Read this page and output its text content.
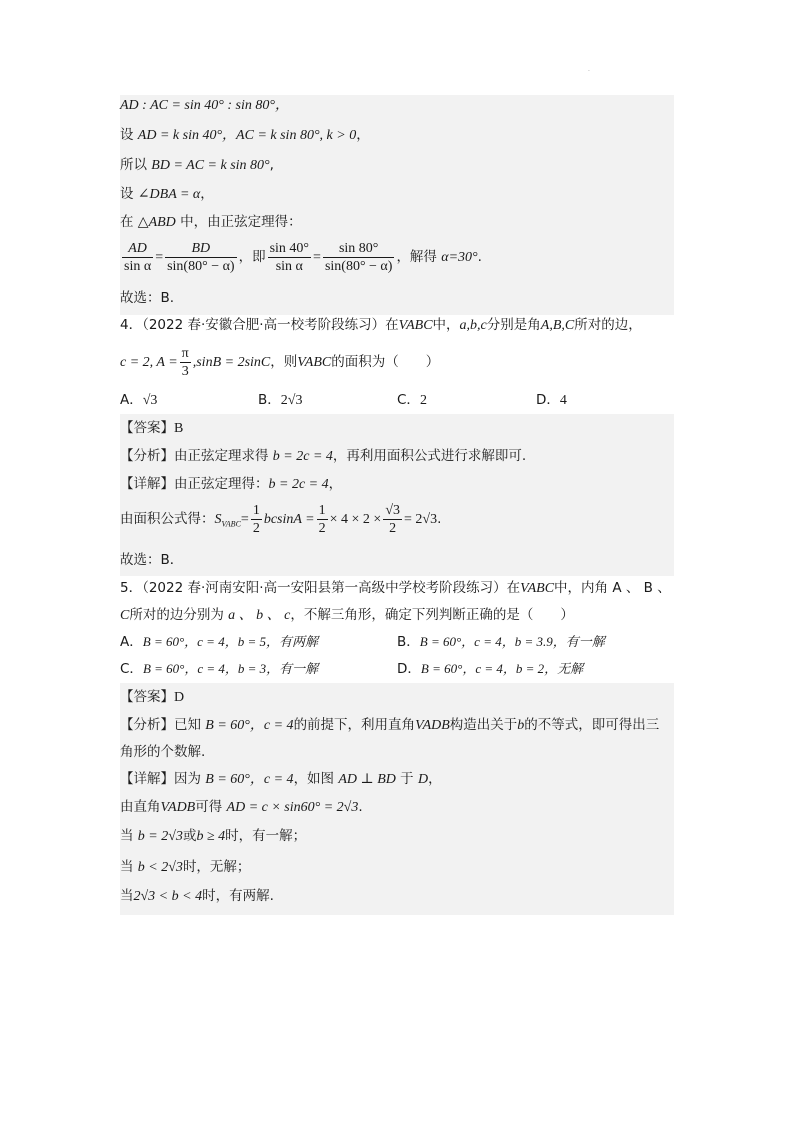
·
AD : AC = sin 40° : sin 80°，
设 AD = k sin 40°，AC = k sin 80°, k > 0，
所以 BD = AC = k sin 80°,
设 ∠DBA = α，
在 △ABD 中，由正弦定理得：
$\frac{AD}{\text{sin α}} = \frac{BD}{\sin(80^\circ - \alpha)}$ ，即 $\frac{\sin 40^\circ}{\text{sin α}} = \frac{\sin 80^\circ}{\sin(80^\circ - \alpha)}$ ，解得 α=30°.
故选：B.
4．（2022 春·安徽合肥·高一校考阶段练习）在VABC中，a,b,c分别是角A,B,C所对的边，
c = 2, $A = \frac{\pi}{3} ,\sin B = 2\sin C$，则VABC的面积为（　　）
A．√3	B．2√3	C．2	D．4
【答案】B
【分析】由正弦定理求得 b = 2c = 4，再利用面积公式进行求解即可.
【详解】由正弦定理得：b = 2c = 4，
由面积公式得：$S_{VABC}= \frac{1}{2}$ $bcsinA = \frac{1}{2} \times 4 \times 2 \times \frac{√3}{2} = 2√3$.
故选：B．
5．（2022 春·河南安阳·高一安阳县第一高级中学校考阶段练习）在VABC中，内角 A 、 B 、
C所对的边分别为 a 、 b 、 c，不解三角形，确定下列判断正确的是（　　）
A．B = 60°，c = 4，b = 5，有两解	B．B = 60°，c = 4，b = 3.9，有一解
C．B = 60°，c = 4，b = 3，有一解	D．B = 60°，c = 4，b = 2，无解
【答案】D
【分析】已知 B = 60°，c = 4的前提下，利用直角VADB构造出关于b的不等式，即可得出三
角形的个数解.
【详解】因为 B = 60°，c = 4，如图 AD ⊥ BD 于 D，
由直角VADB可得 AD = c × sin60° = 2√3.
当 b = 2√3或b ≥ 4时，有一解；
当 b < 2√3时，无解；
当2√3 < b < 4时，有两解.
